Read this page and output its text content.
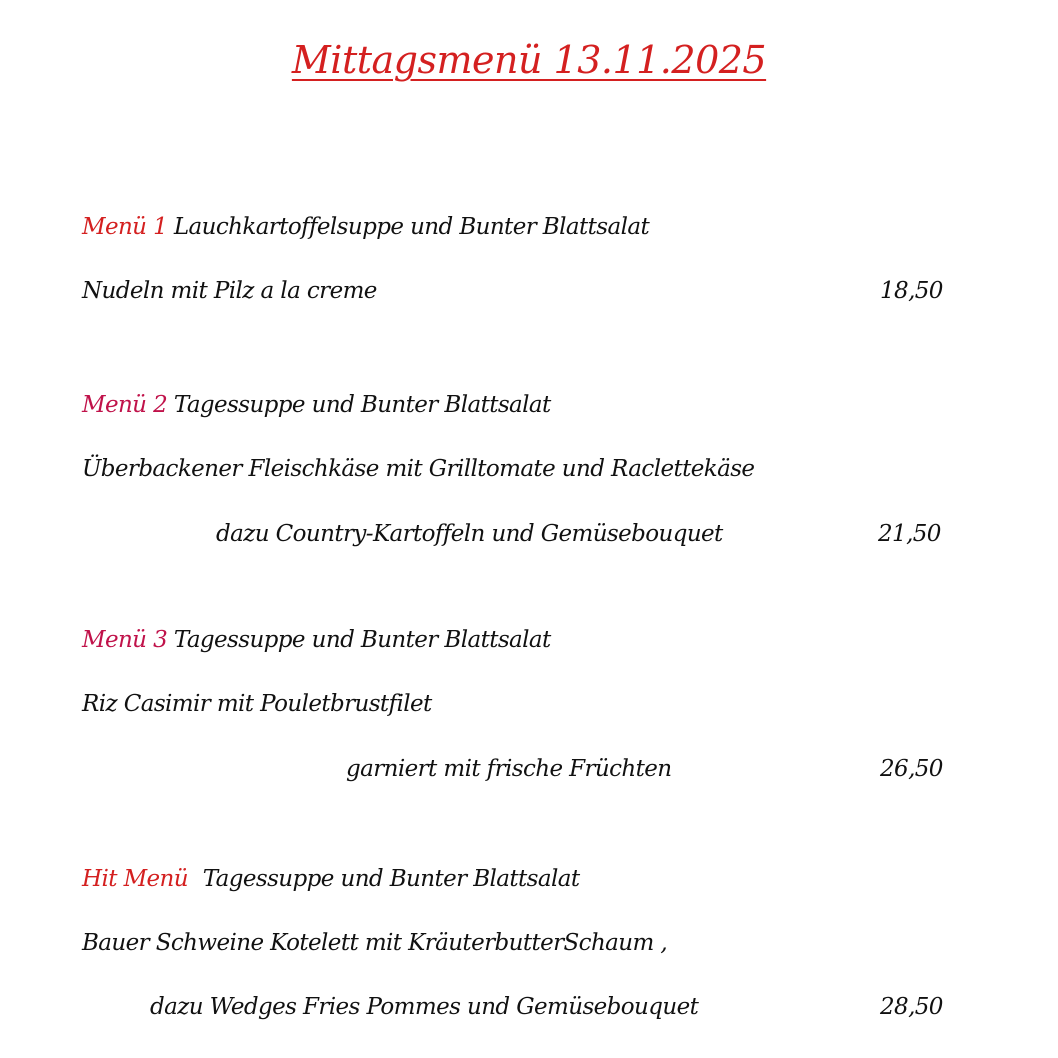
Mittagsmenü 13.11.2025
Menü 1 Lauchkartoffelsuppe und Bunter Blattsalat
Nudeln mit Pilz a la creme	18,50
Menü 2 Tagessuppe und Bunter Blattsalat
Überbackener Fleischkäse mit Grilltomate und Raclettekäse
dazu Country-Kartoffeln und Gemüsebouquet	21,50
Menü 3 Tagessuppe und Bunter Blattsalat
Riz Casimir mit Pouletbrustfilet
garniert mit frische Früchten	26,50
Hit Menü Tagessuppe und Bunter Blattsalat
Bauer Schweine Kotelett mit KräuterbutterSchaum ,
dazu Wedges Fries Pommes und Gemüsebouquet	28,50
